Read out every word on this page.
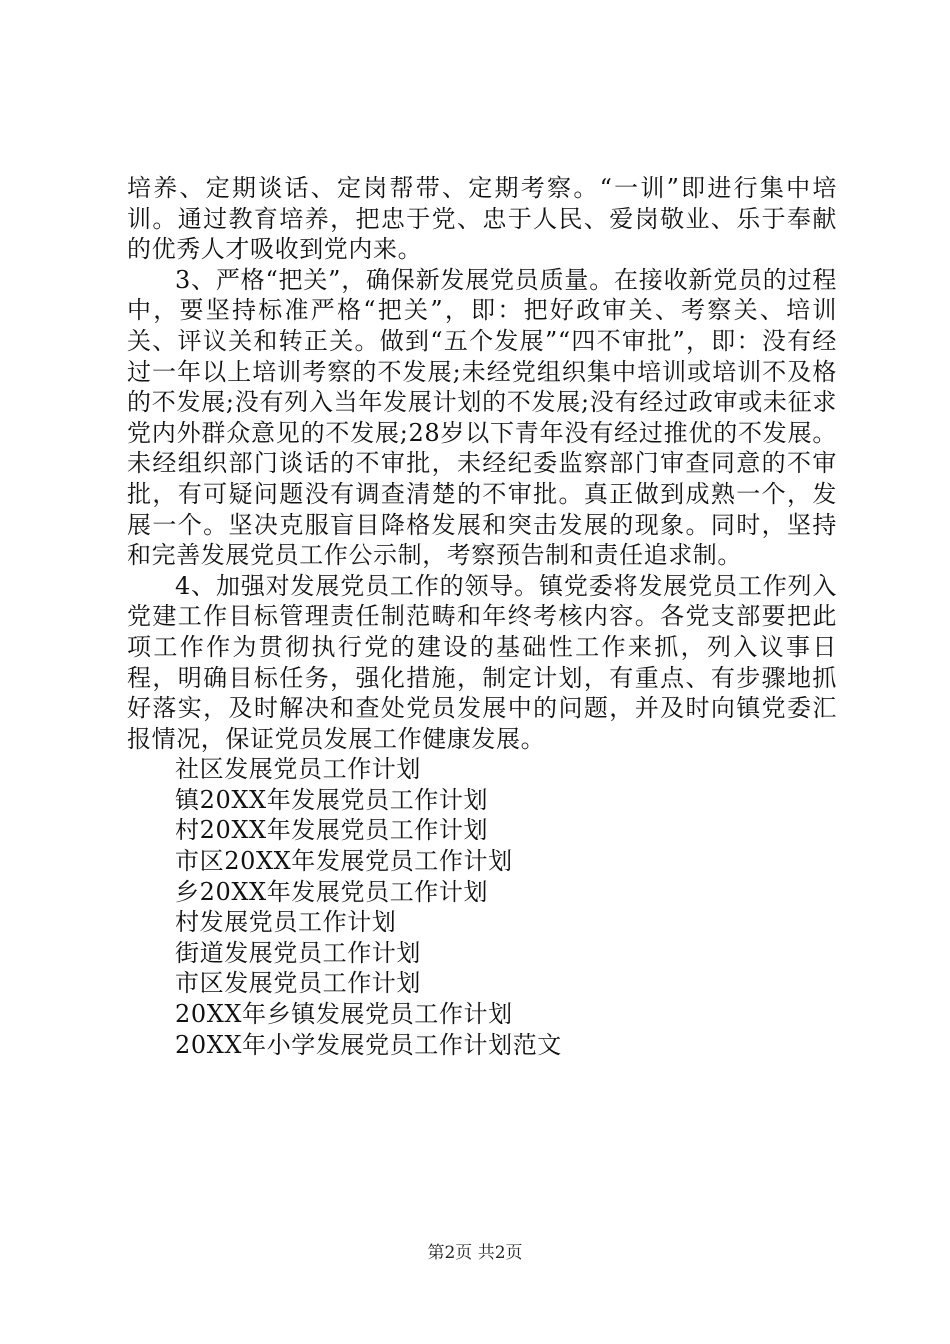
培养、定期谈话、定岗帮带、定期考察。“一训”即进行集中培训。通过教育培养，把忠于党、忠于人民、爱岗敬业、乐于奉献的优秀人才吸收到党内来。

3、严格“把关”，确保新发展党员质量。在接收新党员的过程中，要坚持标准严格“把关”，即：把好政审关、考察关、培训关、评议关和转正关。做到“五个发展”“四不审批”，即：没有经过一年以上培训考察的不发展;未经党组织集中培训或培训不及格的不发展;没有列入当年发展计划的不发展;没有经过政审或未征求党内外群众意见的不发展;28岁以下青年没有经过推优的不发展。未经组织部门谈话的不审批，未经纪委监察部门审查同意的不审批，有可疑问题没有调查清楚的不审批。真正做到成熟一个，发展一个。坚决克服盲目降格发展和突击发展的现象。同时，坚持和完善发展党员工作公示制，考察预告制和责任追求制。

4、加强对发展党员工作的领导。镇党委将发展党员工作列入党建工作目标管理责任制范畴和年终考核内容。各党支部要把此项工作作为贯彻执行党的建设的基础性工作来抓，列入议事日程，明确目标任务，强化措施，制定计划，有重点、有步骤地抓好落实，及时解决和查处党员发展中的问题，并及时向镇党委汇报情况，保证党员发展工作健康发展。

社区发展党员工作计划
镇20XX年发展党员工作计划
村20XX年发展党员工作计划
市区20XX年发展党员工作计划
乡20XX年发展党员工作计划
村发展党员工作计划
街道发展党员工作计划
市区发展党员工作计划
20XX年乡镇发展党员工作计划
20XX年小学发展党员工作计划范文
第2页 共2页
